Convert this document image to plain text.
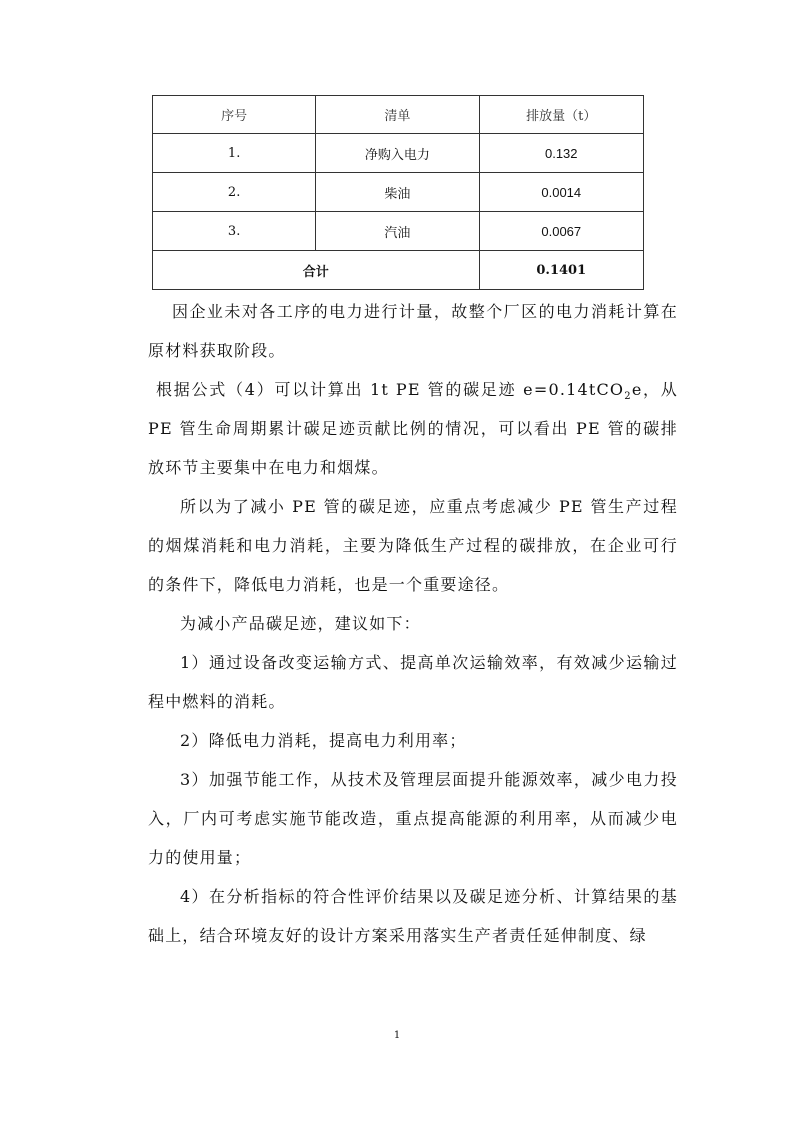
序号	清单	排放量（t）
1.	净购入电力	0.132
2.	柴油	0.0014
3.	汽油	0.0067
合计		0.1401

因企业未对各工序的电力进行计量，故整个厂区的电力消耗计算在原材料获取阶段。

根据公式（4）可以计算出 1t PE 管的碳足迹 e=0.14tCO$_2$e，从 PE 管生命周期累计碳足迹贡献比例的情况，可以看出 PE 管的碳排放环节主要集中在电力和烟煤。

所以为了减小 PE 管的碳足迹，应重点考虑减少 PE 管生产过程的烟煤消耗和电力消耗，主要为降低生产过程的碳排放，在企业可行的条件下，降低电力消耗，也是一个重要途径。

为减小产品碳足迹，建议如下：

1）通过设备改变运输方式、提高单次运输效率，有效减少运输过程中燃料的消耗。

2）降低电力消耗，提高电力利用率；

3）加强节能工作，从技术及管理层面提升能源效率，减少电力投入，厂内可考虑实施节能改造，重点提高能源的利用率，从而减少电力的使用量；

4）在分析指标的符合性评价结果以及碳足迹分析、计算结果的基础上，结合环境友好的设计方案采用落实生产者责任延伸制度、绿

1
